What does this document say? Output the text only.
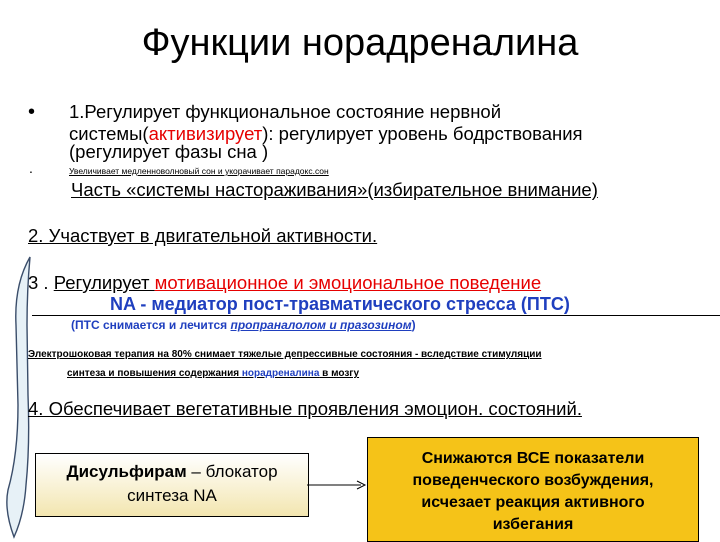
Функции норадреналина
• 1.Регулирует функциональное состояние нервной
системы(активизирует): регулирует уровень бодрствования
(регулирует фазы сна )
.	Увеличивает медленноволновый сон и укорачивает парадокс.сон
Часть «системы настораживания»(избирательное внимание)
2. Участвует в двигательной активности.
3 . Регулирует мотивационное и эмоциональное поведение
NA - медиатор пост-травматического стресса (ПТС)
(ПТС снимается и лечится пропраналолом и празозином)
Электрошоковая терапия на 80% снимает тяжелые депрессивные состояния - вследствие стимуляции
синтеза и повышения содержания норадреналина в мозгу
4. Обеспечивает вегетативные проявления эмоцион. состояний.
Дисульфирам – блокатор
синтеза NA
Снижаются ВСЕ показатели
поведенческого возбуждения,
исчезает реакция активного
избегания
